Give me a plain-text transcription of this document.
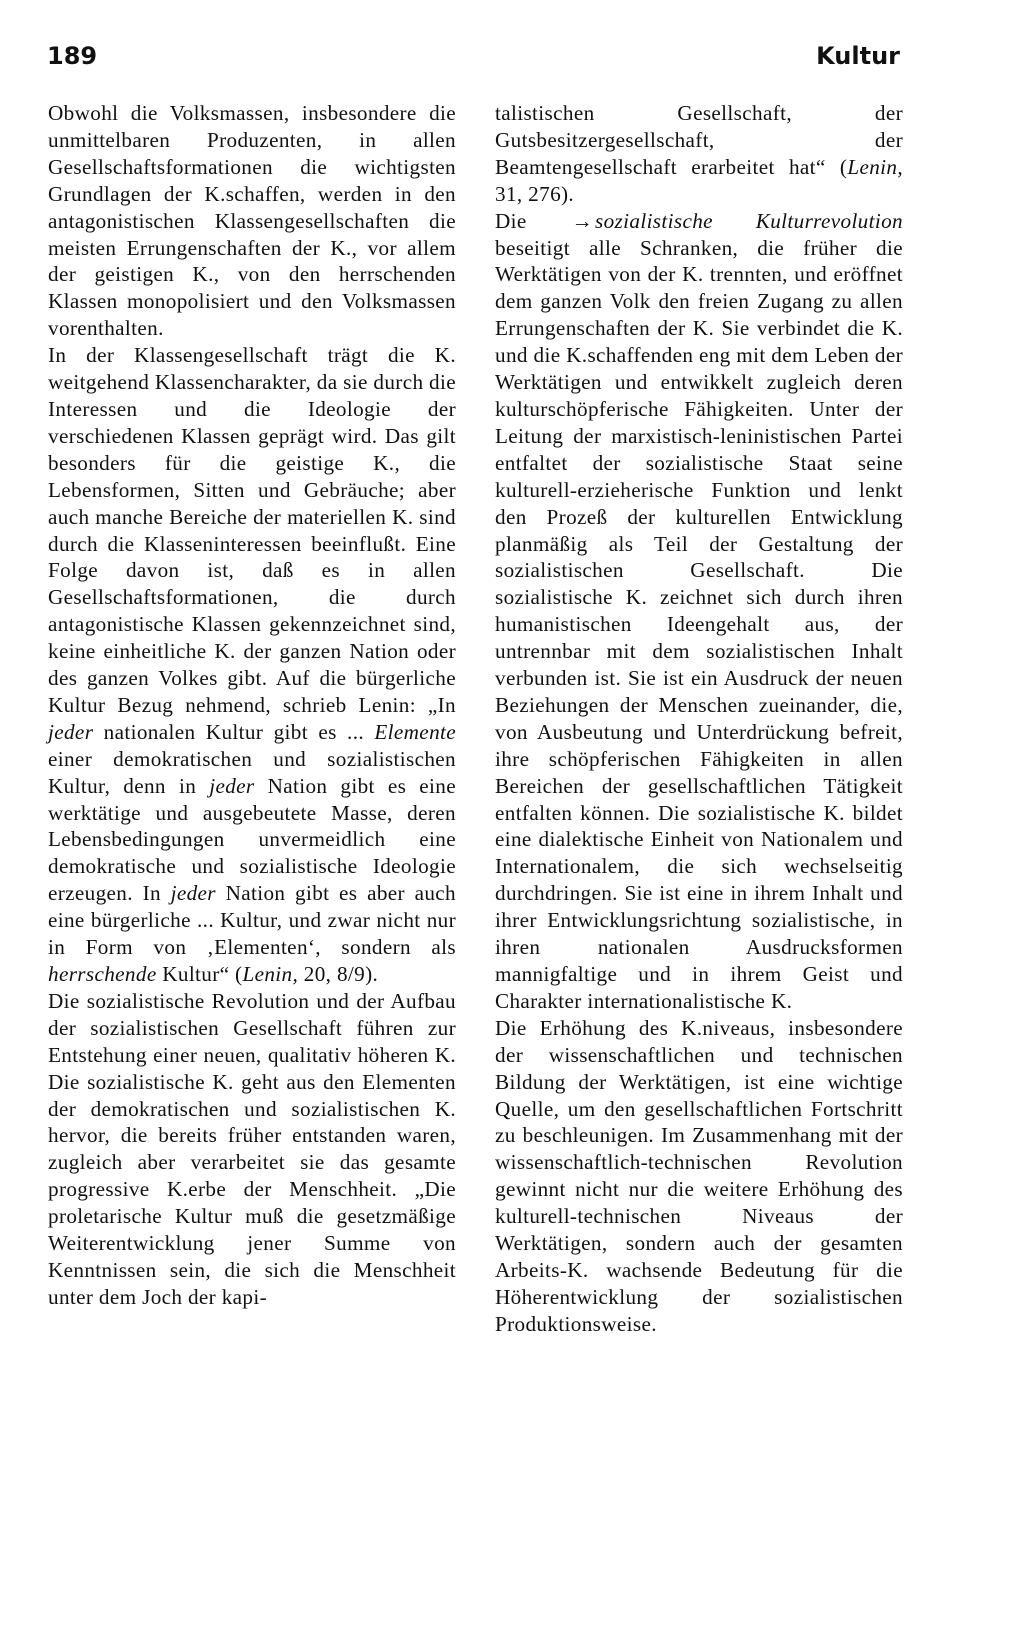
189	Kultur

Obwohl die Volksmassen, insbesondere die unmittelbaren Produzenten, in allen Gesellschaftsformationen die wichtigsten Grundlagen der K.schaffen, werden in den antagonistischen Klassengesellschaften die meisten Errungenschaften der K., vor allem der geistigen K., von den herrschenden Klassen monopolisiert und den Volksmassen vorenthalten.

In der Klassengesellschaft trägt die K. weitgehend Klassencharakter, da sie durch die Interessen und die Ideologie der verschiedenen Klassen geprägt wird. Das gilt besonders für die geistige K., die Lebensformen, Sitten und Gebräuche; aber auch manche Bereiche der materiellen K. sind durch die Klasseninteressen beeinflußt. Eine Folge davon ist, daß es in allen Gesellschaftsformationen, die durch antagonistische Klassen gekennzeichnet sind, keine einheitliche K. der ganzen Nation oder des ganzen Volkes gibt. Auf die bürgerliche Kultur Bezug nehmend, schrieb Lenin: „In jeder nationalen Kultur gibt es ... Elemente einer demokratischen und sozialistischen Kultur, denn in jeder Nation gibt es eine werktätige und ausgebeutete Masse, deren Lebensbedingungen unvermeidlich eine demokratische und sozialistische Ideologie erzeugen. In jeder Nation gibt es aber auch eine bürgerliche ... Kultur, und zwar nicht nur in Form von ‚Elementen‘, sondern als herrschende Kultur“ (Lenin, 20, 8/9).

Die sozialistische Revolution und der Aufbau der sozialistischen Gesellschaft führen zur Entstehung einer neuen, qualitativ höheren K. Die sozialistische K. geht aus den Elementen der demokratischen und sozialistischen K. hervor, die bereits früher entstanden waren, zugleich aber verarbeitet sie das gesamte progressive K.erbe der Menschheit. „Die proletarische Kultur muß die gesetzmäßige Weiterentwicklung jener Summe von Kenntnissen sein, die sich die Menschheit unter dem Joch der kapi-

talistischen Gesellschaft, der Gutsbesitzergesellschaft, der Beamtengesellschaft erarbeitet hat“ (Lenin, 31, 276).

Die →sozialistische Kulturrevolution beseitigt alle Schranken, die früher die Werktätigen von der K. trennten, und eröffnet dem ganzen Volk den freien Zugang zu allen Errungenschaften der K. Sie verbindet die K. und die K.schaffenden eng mit dem Leben der Werktätigen und entwikkelt zugleich deren kulturschöpferische Fähigkeiten. Unter der Leitung der marxistisch-leninistischen Partei entfaltet der sozialistische Staat seine kulturell-erzieherische Funktion und lenkt den Prozeß der kulturellen Entwicklung planmäßig als Teil der Gestaltung der sozialistischen Gesellschaft. Die sozialistische K. zeichnet sich durch ihren humanistischen Ideengehalt aus, der untrennbar mit dem sozialistischen Inhalt verbunden ist. Sie ist ein Ausdruck der neuen Beziehungen der Menschen zueinander, die, von Ausbeutung und Unterdrückung befreit, ihre schöpferischen Fähigkeiten in allen Bereichen der gesellschaftlichen Tätigkeit entfalten können. Die sozialistische K. bildet eine dialektische Einheit von Nationalem und Internationalem, die sich wechselseitig durchdringen. Sie ist eine in ihrem Inhalt und ihrer Entwicklungsrichtung sozialistische, in ihren nationalen Ausdrucksformen mannigfaltige und in ihrem Geist und Charakter internationalistische K.

Die Erhöhung des K.niveaus, insbesondere der wissenschaftlichen und technischen Bildung der Werktätigen, ist eine wichtige Quelle, um den gesellschaftlichen Fortschritt zu beschleunigen. Im Zusammenhang mit der wissenschaftlich-technischen Revolution gewinnt nicht nur die weitere Erhöhung des kulturell-technischen Niveaus der Werktätigen, sondern auch der gesamten Arbeits-K. wachsende Bedeutung für die Höherentwicklung der sozialistischen Produktionsweise.
